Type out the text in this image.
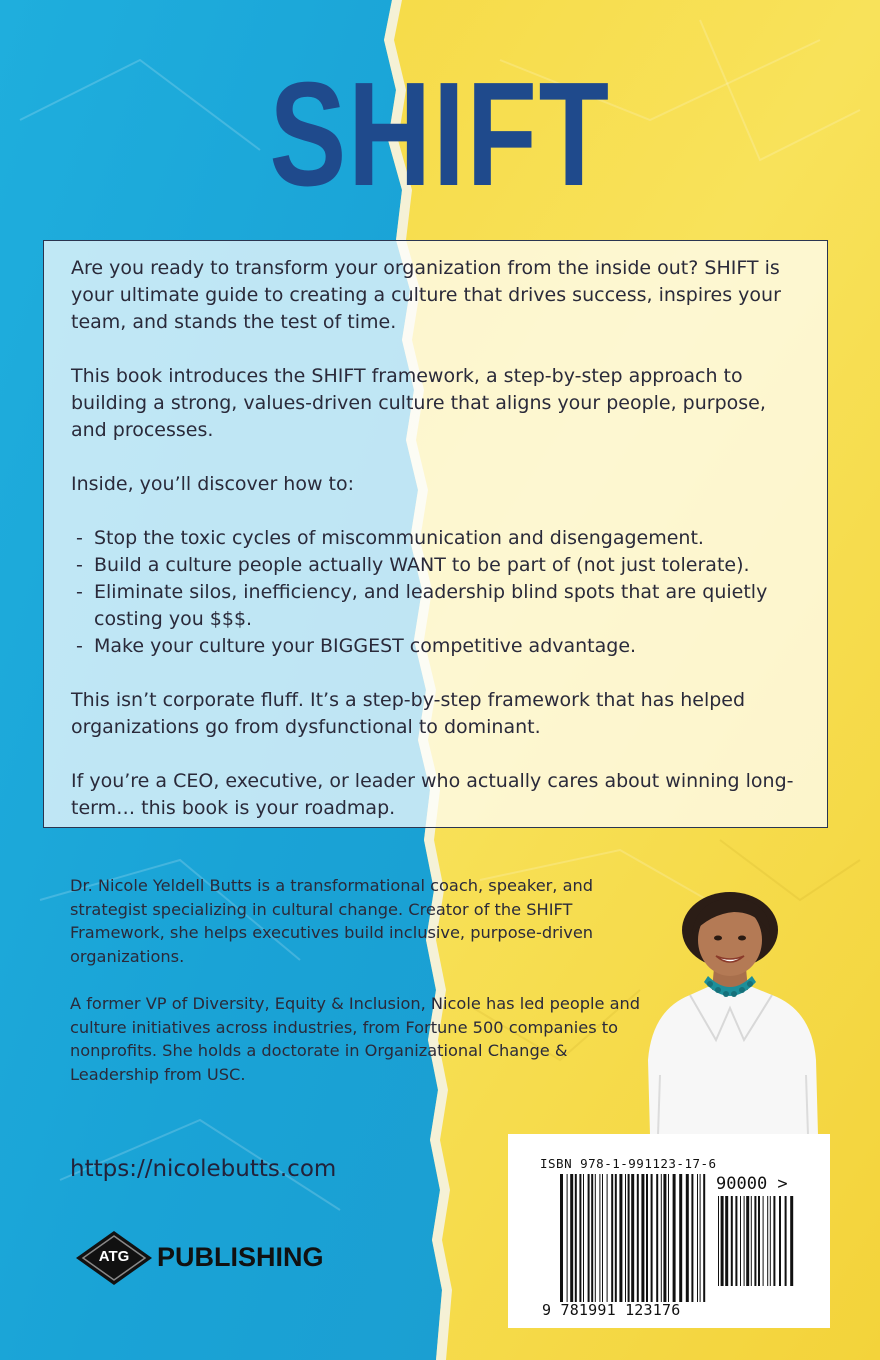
SHIFT

Are you ready to transform your organization from the inside out? SHIFT is your ultimate guide to creating a culture that drives success, inspires your team, and stands the test of time.

This book introduces the SHIFT framework, a step-by-step approach to building a strong, values-driven culture that aligns your people, purpose, and processes.

Inside, you’ll discover how to:

- Stop the toxic cycles of miscommunication and disengagement.
- Build a culture people actually WANT to be part of (not just tolerate).
- Eliminate silos, inefficiency, and leadership blind spots that are quietly costing you $$$.
- Make your culture your BIGGEST competitive advantage.

This isn’t corporate fluff. It’s a step-by-step framework that has helped organizations go from dysfunctional to dominant.

If you’re a CEO, executive, or leader who actually cares about winning long-term… this book is your roadmap.

Dr. Nicole Yeldell Butts is a transformational coach, speaker, and strategist specializing in cultural change. Creator of the SHIFT Framework, she helps executives build inclusive, purpose-driven organizations.

A former VP of Diversity, Equity & Inclusion, Nicole has led people and culture initiatives across industries, from Fortune 500 companies to nonprofits. She holds a doctorate in Organizational Change & Leadership from USC.

https://nicolebutts.com
ATG	PUBLISHING
ISBN 978-1-991123-17-6
90000 >
9 781991 123176
